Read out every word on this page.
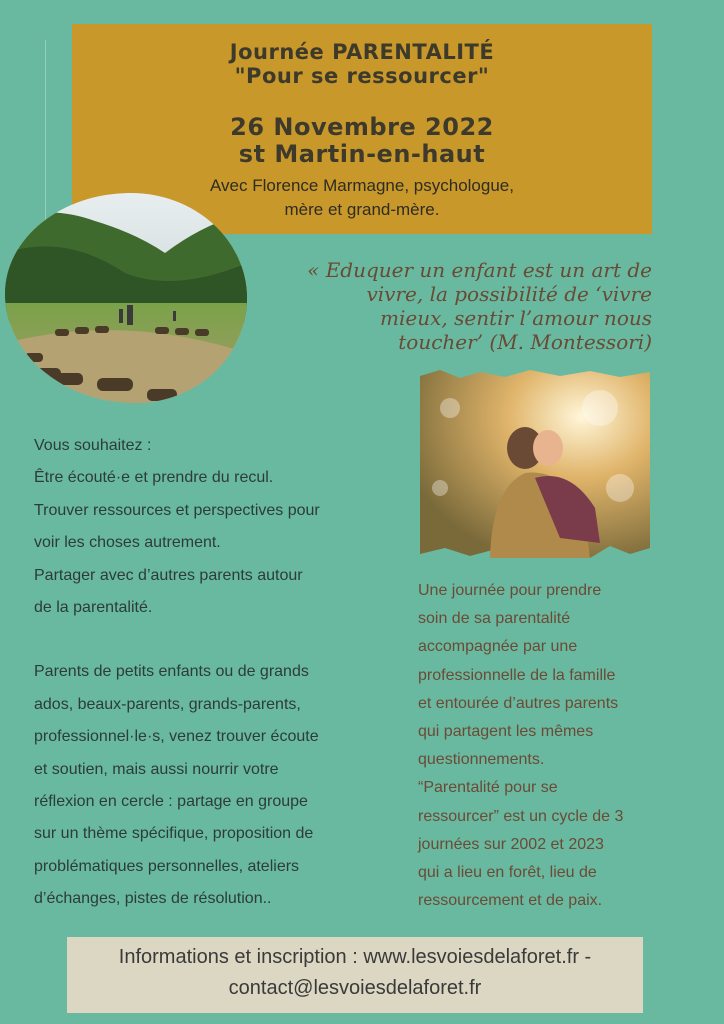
Journée PARENTALITÉ
"Pour se ressourcer"
26 Novembre 2022
st Martin-en-haut
Avec Florence Marmagne, psychologue,
mère et grand-mère.
« Eduquer un enfant est un art de
vivre, la possibilité de ‘vivre
mieux, sentir l’amour nous
toucher’ (M. Montessori)
Vous souhaitez :
Être écouté·e et prendre du recul.
Trouver ressources et perspectives pour
voir les choses autrement.
Partager avec d’autres parents autour
de la parentalité.
Parents de petits enfants ou de grands
ados, beaux-parents, grands-parents,
professionnel·le·s, venez trouver écoute
et soutien, mais aussi nourrir votre
réflexion en cercle : partage en groupe
sur un thème spécifique, proposition de
problématiques personnelles, ateliers
d’échanges, pistes de résolution..
Une journée pour prendre
soin de sa parentalité
accompagnée par une
professionnelle de la famille
et entourée d’autres parents
qui partagent les mêmes
questionnements.
“Parentalité pour se
ressourcer” est un cycle de 3
journées sur 2002 et 2023
qui a lieu en forêt, lieu de
ressourcement et de paix.
Informations et inscription : www.lesvoiesdelaforet.fr -
contact@lesvoiesdelaforet.fr
